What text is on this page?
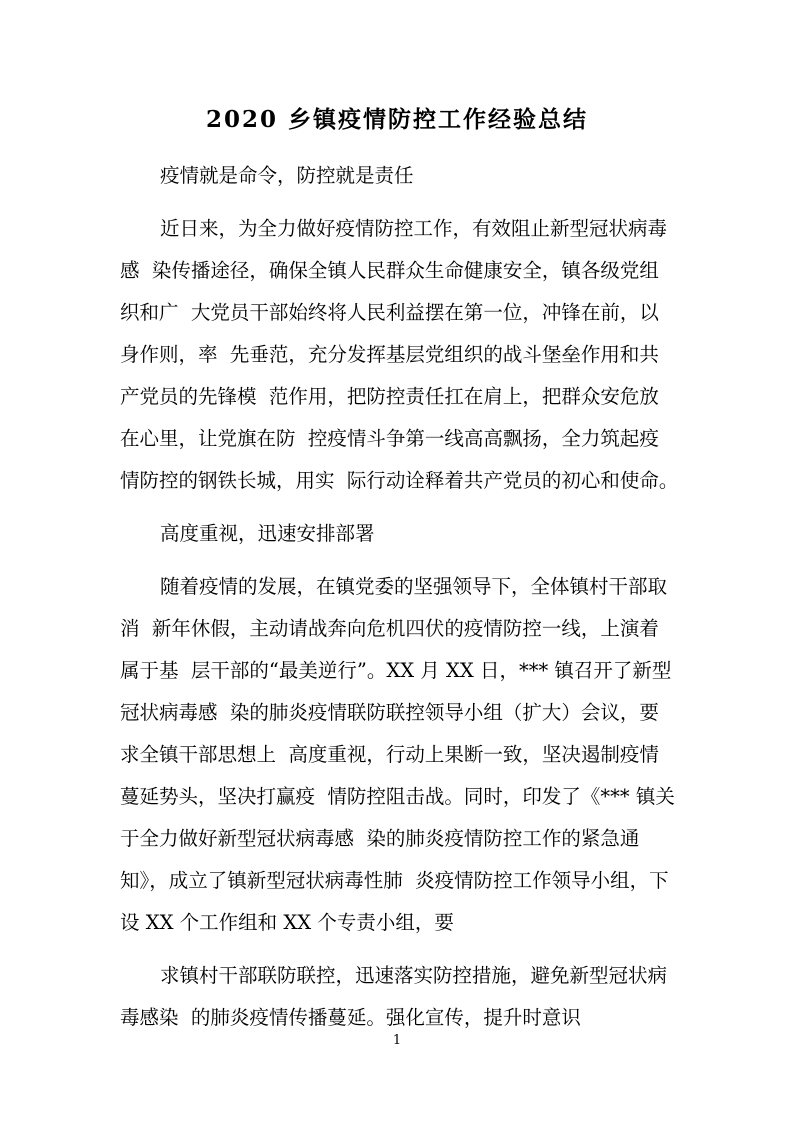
2020 乡镇疫情防控工作经验总结
疫情就是命令，防控就是责任
近日来，为全力做好疫情防控工作，有效阻止新型冠状病毒
感  染传播途径，确保全镇人民群众生命健康安全，镇各级党组
织和广  大党员干部始终将人民利益摆在第一位，冲锋在前，以
身作则，率  先垂范，充分发挥基层党组织的战斗堡垒作用和共
产党员的先锋模  范作用，把防控责任扛在肩上，把群众安危放
在心里，让党旗在防  控疫情斗争第一线高高飘扬，全力筑起疫
情防控的钢铁长城，用实  际行动诠释着共产党员的初心和使命。
高度重视，迅速安排部署
随着疫情的发展，在镇党委的坚强领导下，全体镇村干部取
消  新年休假，主动请战奔向危机四伏的疫情防控一线，上演着
属于基  层干部的“最美逆行”。XX 月 XX 日，*** 镇召开了新型
冠状病毒感  染的肺炎疫情联防联控领导小组（扩大）会议，要
求全镇干部思想上  高度重视，行动上果断一致，坚决遏制疫情
蔓延势头，坚决打赢疫  情防控阻击战。同时，印发了《*** 镇关
于全力做好新型冠状病毒感  染的肺炎疫情防控工作的紧急通
知》，成立了镇新型冠状病毒性肺  炎疫情防控工作领导小组，下
设 XX 个工作组和 XX 个专责小组，要
求镇村干部联防联控，迅速落实防控措施，避免新型冠状病
毒感染  的肺炎疫情传播蔓延。强化宣传，提升时意识
1
